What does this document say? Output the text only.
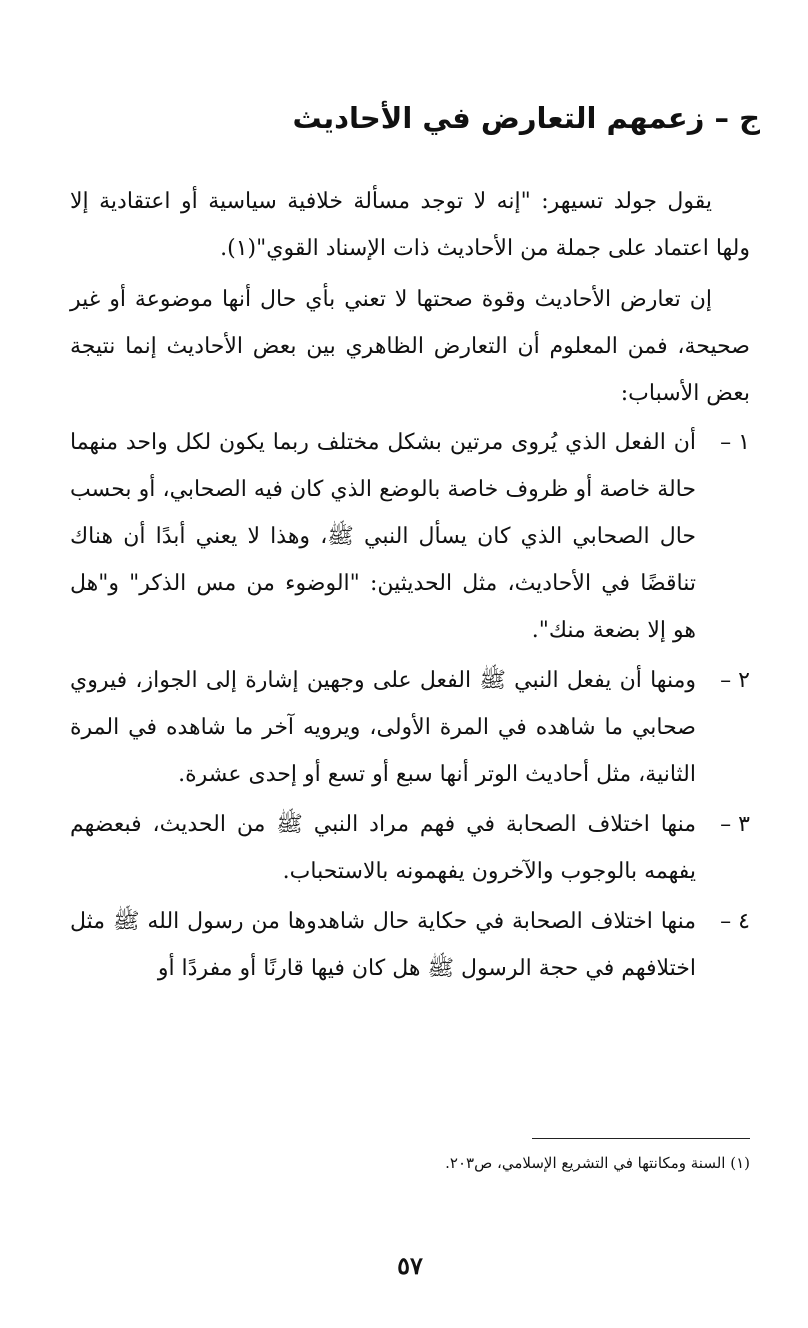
ج – زعمهم التعارض في الأحاديث

يقول جولد تسيهر: "إنه لا توجد مسألة خلافية سياسية أو اعتقادية إلا ولها اعتماد على جملة من الأحاديث ذات الإسناد القوي"(١).

إن تعارض الأحاديث وقوة صحتها لا تعني بأي حال أنها موضوعة أو غير صحيحة، فمن المعلوم أن التعارض الظاهري بين بعض الأحاديث إنما نتيجة بعض الأسباب:

١ –
أن الفعل الذي يُروى مرتين بشكل مختلف ربما يكون لكل واحد منهما حالة خاصة أو ظروف خاصة بالوضع الذي كان فيه الصحابي، أو بحسب حال الصحابي الذي كان يسأل النبي ﷺ، وهذا لا يعني أبدًا أن هناك تناقضًا في الأحاديث، مثل الحديثين: "الوضوء من مس الذكر" و"هل هو إلا بضعة منك".
٢ –
ومنها أن يفعل النبي ﷺ الفعل على وجهين إشارة إلى الجواز، فيروي صحابي ما شاهده في المرة الأولى، ويرويه آخر ما شاهده في المرة الثانية، مثل أحاديث الوتر أنها سبع أو تسع أو إحدى عشرة.
٣ –
منها اختلاف الصحابة في فهم مراد النبي ﷺ من الحديث، فبعضهم يفهمه بالوجوب والآخرون يفهمونه بالاستحباب.
٤ –
منها اختلاف الصحابة في حكاية حال شاهدوها من رسول الله ﷺ مثل اختلافهم في حجة الرسول ﷺ هل كان فيها قارنًا أو مفردًا أو

(١) السنة ومكانتها في التشريع الإسلامي، ص٢٠٣.

٥٧
